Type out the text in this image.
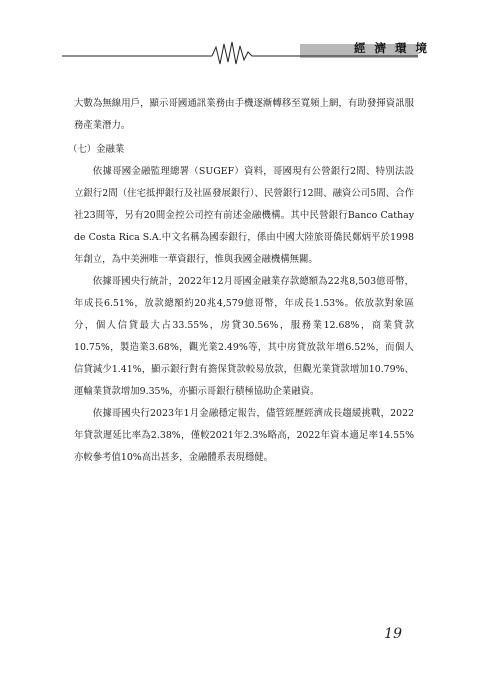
經濟環境

大數為無線用戶，顯示哥國通訊業務由手機逐漸轉移至寬頻上網，有助發揮資訊服務產業潛力。

（七）金融業

依據哥國金融監理總署（SUGEF）資料，哥國現有公營銀行2間、特別法設立銀行2間（住宅抵押銀行及社區發展銀行）、民營銀行12間、融資公司5間、合作社23間等，另有20間金控公司控有前述金融機構。其中民營銀行Banco Cathay de Costa Rica S.A.中文名稱為國泰銀行，係由中國大陸旅哥僑民鄭炳平於1998年創立，為中美洲唯一華資銀行，惟與我國金融機構無關。

依據哥國央行統計，2022年12月哥國金融業存款總額為22兆8,503億哥幣，年成長6.51%，放款總額約20兆4,579億哥幣，年成長1.53%。依放款對象區分，個人信貸最大占33.55%，房貸30.56%，服務業12.68%，商業貸款10.75%，製造業3.68%，觀光業2.49%等，其中房貸放款年增6.52%，而個人信貸減少1.41%，顯示銀行對有擔保貸款較易放款，但觀光業貸款增加10.79%、運輸業貸款增加9.35%，亦顯示哥銀行積極協助企業融資。

依據哥國央行2023年1月金融穩定報告，儘管經歷經濟成長趨緩挑戰，2022年貸款遲延比率為2.38%，僅較2021年2.3%略高，2022年資本適足率14.55%亦較參考值10%高出甚多，金融體系表現穩健。

19
